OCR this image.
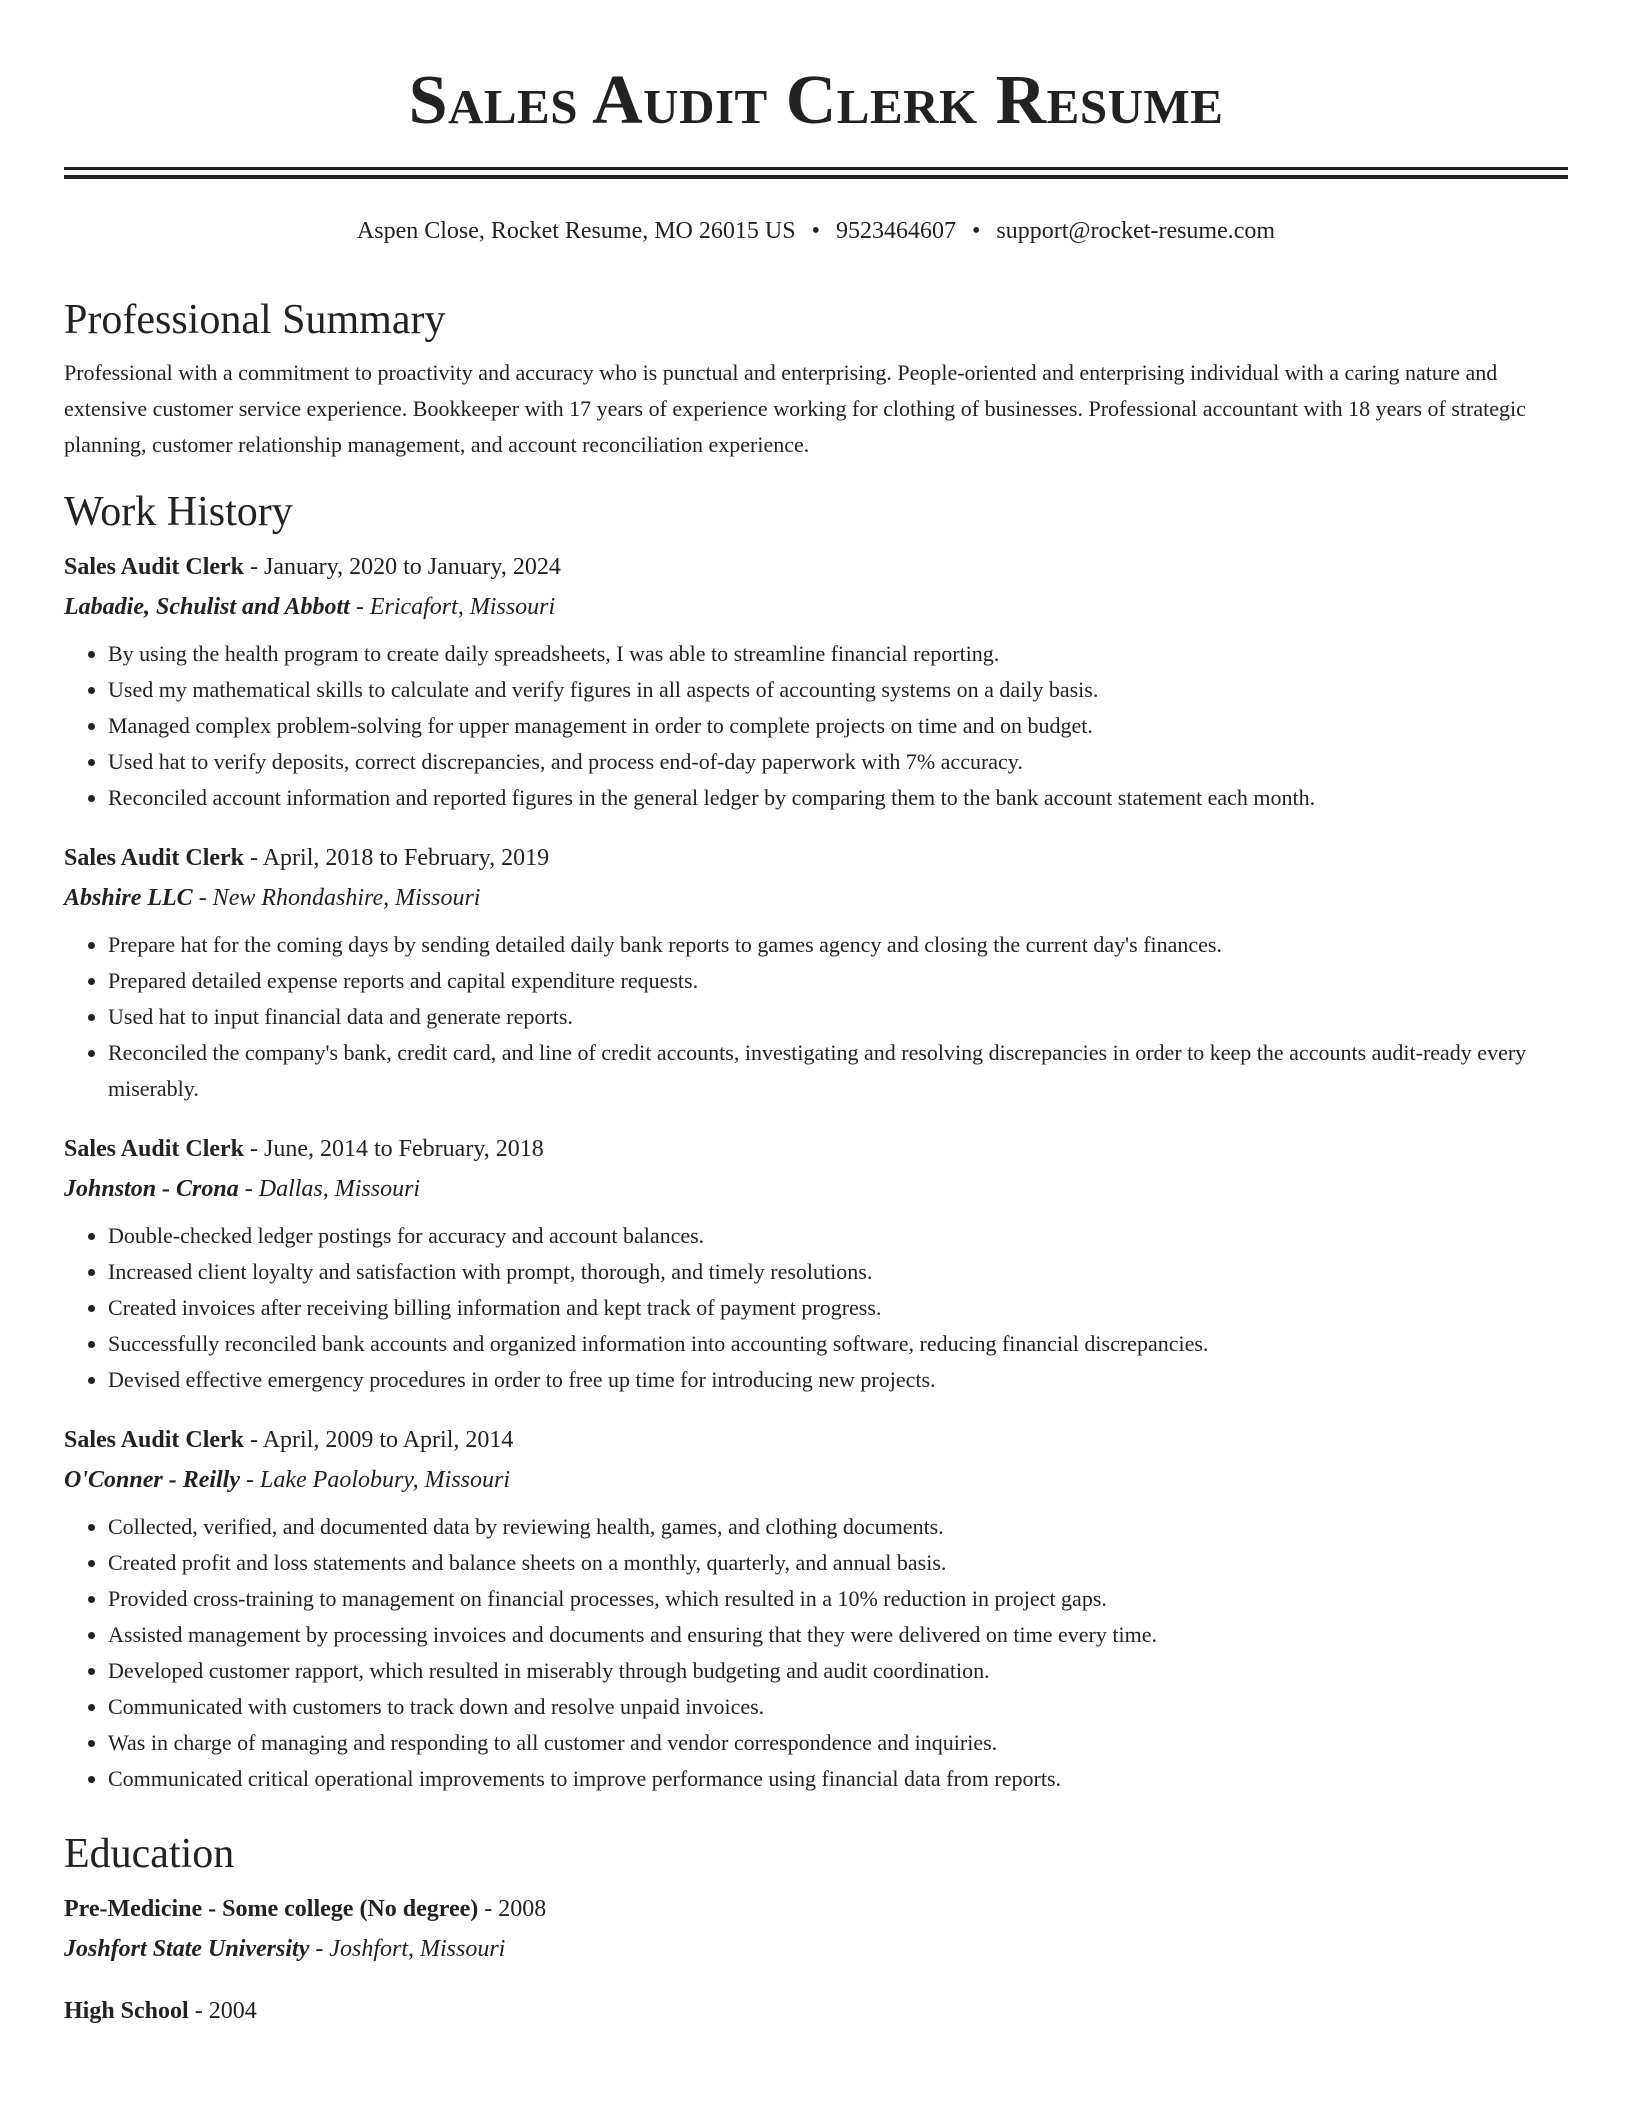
Sales Audit Clerk Resume
Aspen Close, Rocket Resume, MO 26015 US • 9523464607 • support@rocket-resume.com
Professional Summary

Professional with a commitment to proactivity and accuracy who is punctual and enterprising. People-oriented and enterprising individual with a caring nature and extensive customer service experience. Bookkeeper with 17 years of experience working for clothing of businesses. Professional accountant with 18 years of strategic planning, customer relationship management, and account reconciliation experience.

Work History
Sales Audit Clerk - January, 2020 to January, 2024
Labadie, Schulist and Abbott - Ericafort, Missouri
• By using the health program to create daily spreadsheets, I was able to streamline financial reporting.
• Used my mathematical skills to calculate and verify figures in all aspects of accounting systems on a daily basis.
• Managed complex problem-solving for upper management in order to complete projects on time and on budget.
• Used hat to verify deposits, correct discrepancies, and process end-of-day paperwork with 7% accuracy.
• Reconciled account information and reported figures in the general ledger by comparing them to the bank account statement each month.
Sales Audit Clerk - April, 2018 to February, 2019
Abshire LLC - New Rhondashire, Missouri
• Prepare hat for the coming days by sending detailed daily bank reports to games agency and closing the current day's finances.
• Prepared detailed expense reports and capital expenditure requests.
• Used hat to input financial data and generate reports.
• Reconciled the company's bank, credit card, and line of credit accounts, investigating and resolving discrepancies in order to keep the accounts audit-ready every miserably.
Sales Audit Clerk - June, 2014 to February, 2018
Johnston - Crona - Dallas, Missouri
• Double-checked ledger postings for accuracy and account balances.
• Increased client loyalty and satisfaction with prompt, thorough, and timely resolutions.
• Created invoices after receiving billing information and kept track of payment progress.
• Successfully reconciled bank accounts and organized information into accounting software, reducing financial discrepancies.
• Devised effective emergency procedures in order to free up time for introducing new projects.
Sales Audit Clerk - April, 2009 to April, 2014
O'Conner - Reilly - Lake Paolobury, Missouri
• Collected, verified, and documented data by reviewing health, games, and clothing documents.
• Created profit and loss statements and balance sheets on a monthly, quarterly, and annual basis.
• Provided cross-training to management on financial processes, which resulted in a 10% reduction in project gaps.
• Assisted management by processing invoices and documents and ensuring that they were delivered on time every time.
• Developed customer rapport, which resulted in miserably through budgeting and audit coordination.
• Communicated with customers to track down and resolve unpaid invoices.
• Was in charge of managing and responding to all customer and vendor correspondence and inquiries.
• Communicated critical operational improvements to improve performance using financial data from reports.
Education
Pre-Medicine - Some college (No degree) - 2008
Joshfort State University - Joshfort, Missouri
High School - 2004
